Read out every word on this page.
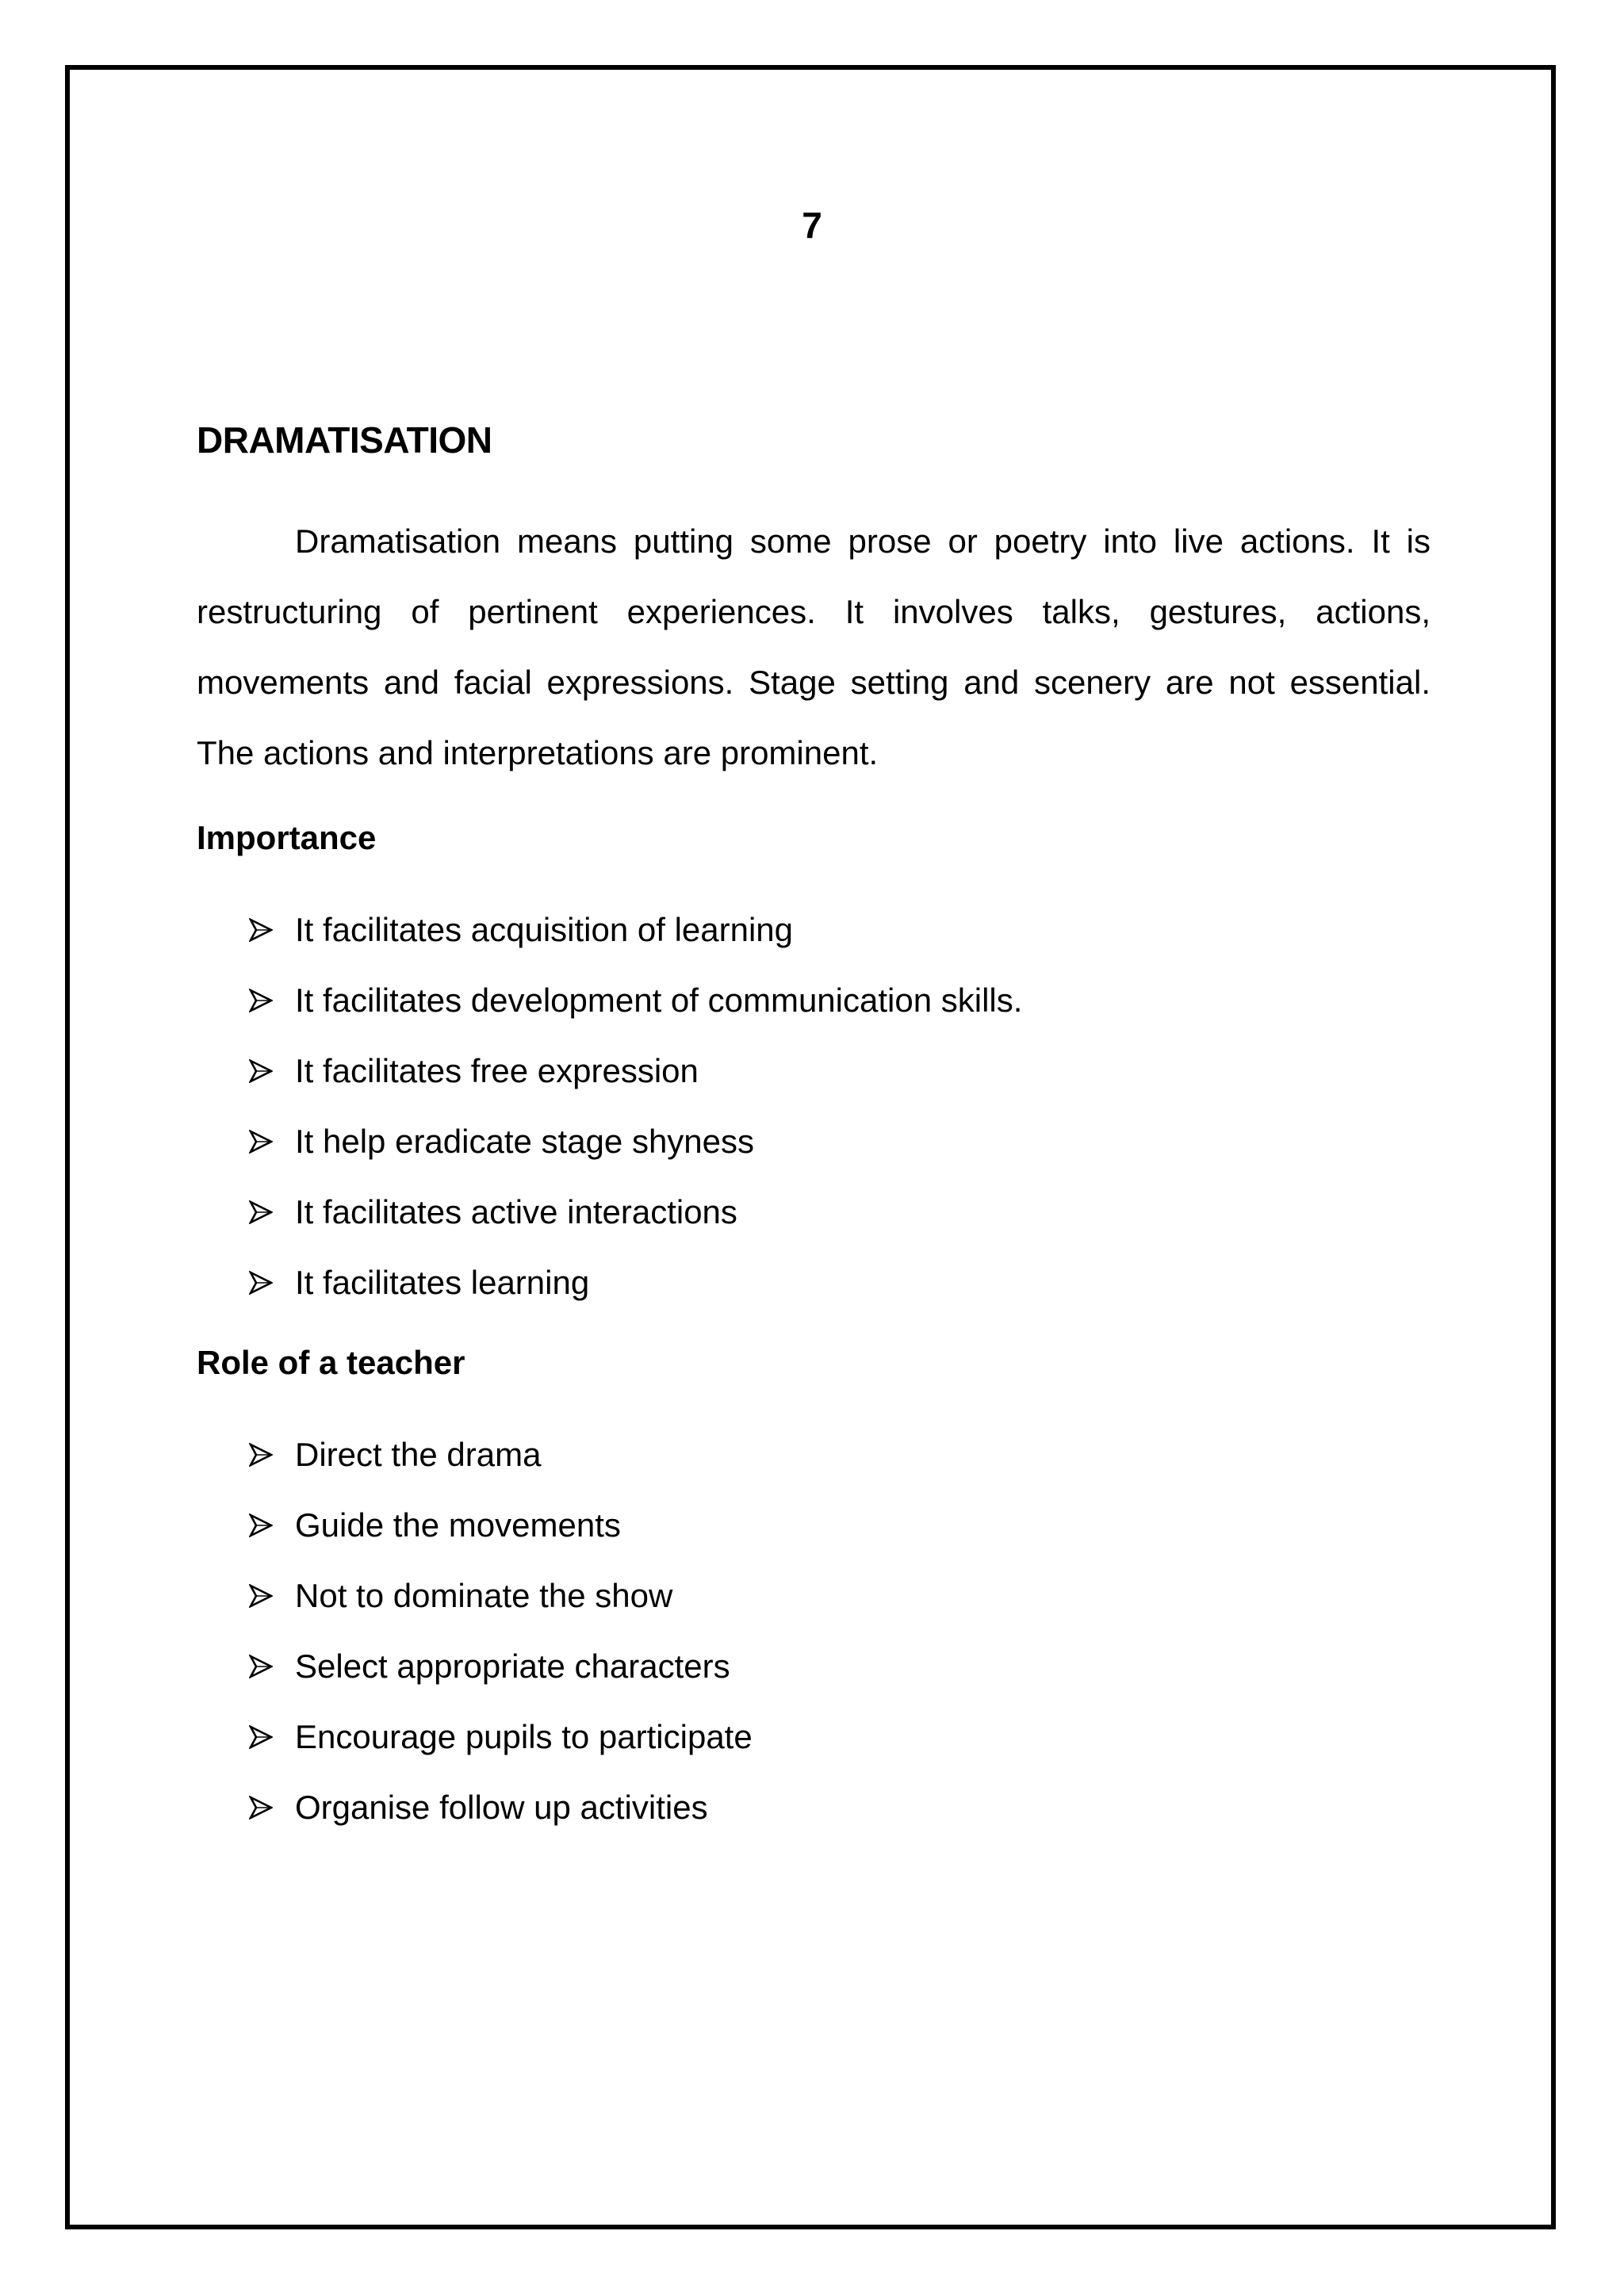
7
DRAMATISATION

Dramatisation means putting some prose or poetry into live actions. It is restructuring of pertinent experiences. It involves talks, gestures, actions, movements and facial expressions. Stage setting and scenery are not essential. The actions and interpretations are prominent.

Importance
It facilitates acquisition of learning
It facilitates development of communication skills.
It facilitates free expression
It help eradicate stage shyness
It facilitates active interactions
It facilitates learning
Role of a teacher
Direct the drama
Guide the movements
Not to dominate the show
Select appropriate characters
Encourage pupils to participate
Organise follow up activities
